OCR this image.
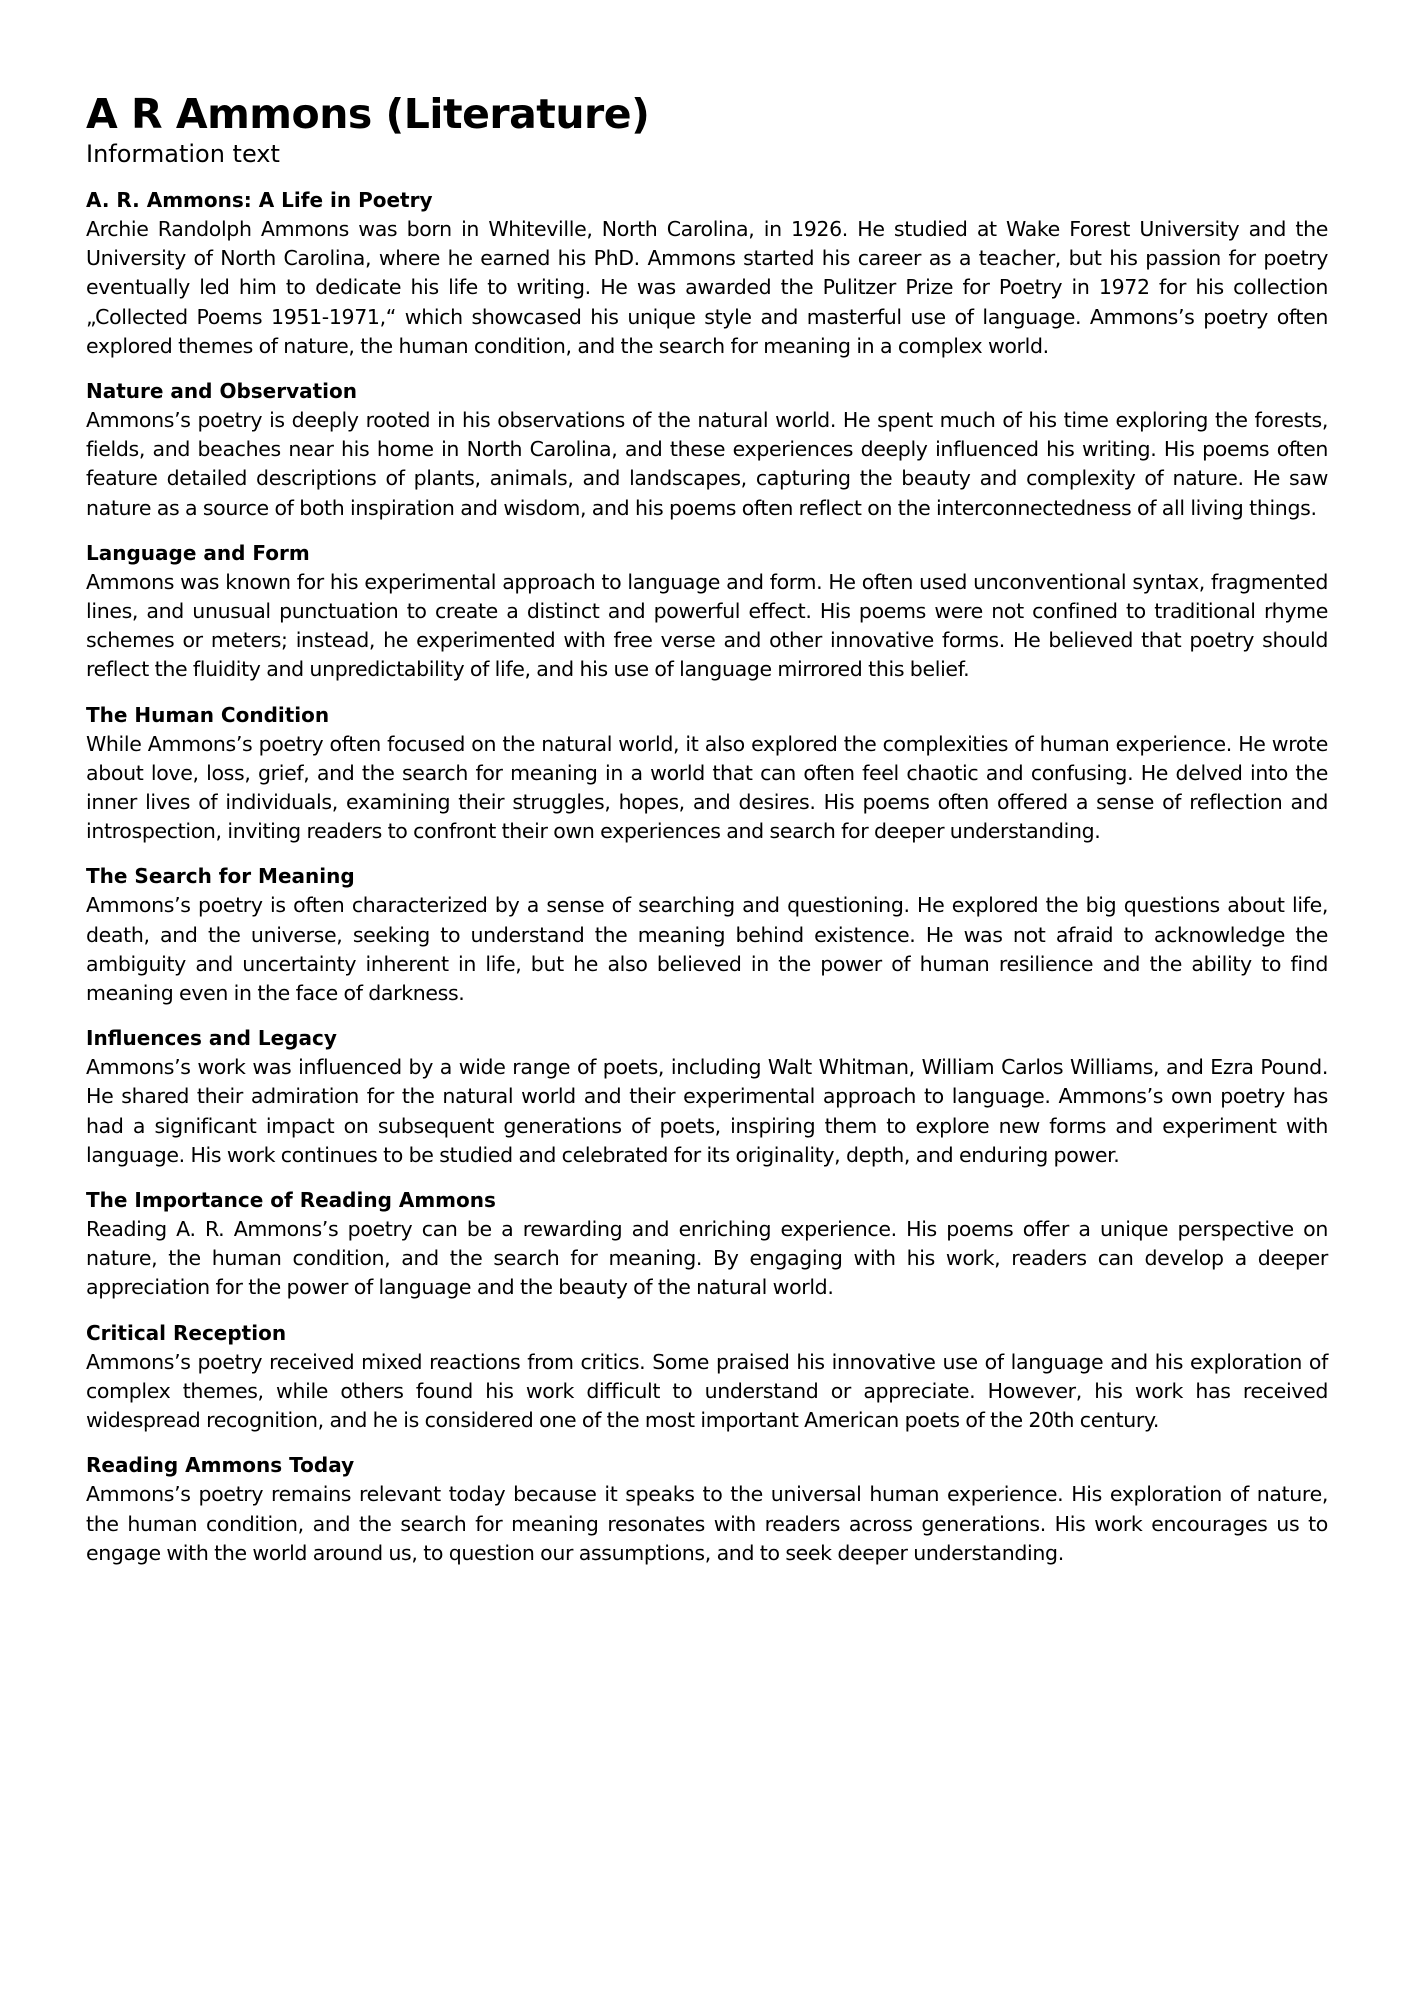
A R Ammons (Literature)
Information text
A. R. Ammons: A Life in Poetry

Archie Randolph Ammons was born in Whiteville, North Carolina, in 1926. He studied at Wake Forest University and the University of North Carolina, where he earned his PhD. Ammons started his career as a teacher, but his passion for poetry eventually led him to dedicate his life to writing. He was awarded the Pulitzer Prize for Poetry in 1972 for his collection „Collected Poems 1951-1971,“ which showcased his unique style and masterful use of language. Ammons’s poetry often explored themes of nature, the human condition, and the search for meaning in a complex world.

Nature and Observation

Ammons’s poetry is deeply rooted in his observations of the natural world. He spent much of his time exploring the forests, fields, and beaches near his home in North Carolina, and these experiences deeply influenced his writing. His poems often feature detailed descriptions of plants, animals, and landscapes, capturing the beauty and complexity of nature. He saw nature as a source of both inspiration and wisdom, and his poems often reflect on the interconnectedness of all living things.

Language and Form

Ammons was known for his experimental approach to language and form. He often used unconventional syntax, fragmented lines, and unusual punctuation to create a distinct and powerful effect. His poems were not confined to traditional rhyme schemes or meters; instead, he experimented with free verse and other innovative forms. He believed that poetry should reflect the fluidity and unpredictability of life, and his use of language mirrored this belief.

The Human Condition

While Ammons’s poetry often focused on the natural world, it also explored the complexities of human experience. He wrote about love, loss, grief, and the search for meaning in a world that can often feel chaotic and confusing. He delved into the inner lives of individuals, examining their struggles, hopes, and desires. His poems often offered a sense of reflection and introspection, inviting readers to confront their own experiences and search for deeper understanding.

The Search for Meaning

Ammons’s poetry is often characterized by a sense of searching and questioning. He explored the big questions about life, death, and the universe, seeking to understand the meaning behind existence. He was not afraid to acknowledge the ambiguity and uncertainty inherent in life, but he also believed in the power of human resilience and the ability to find meaning even in the face of darkness.

Influences and Legacy

Ammons’s work was influenced by a wide range of poets, including Walt Whitman, William Carlos Williams, and Ezra Pound. He shared their admiration for the natural world and their experimental approach to language. Ammons’s own poetry has had a significant impact on subsequent generations of poets, inspiring them to explore new forms and experiment with language. His work continues to be studied and celebrated for its originality, depth, and enduring power.

The Importance of Reading Ammons

Reading A. R. Ammons’s poetry can be a rewarding and enriching experience. His poems offer a unique perspective on nature, the human condition, and the search for meaning. By engaging with his work, readers can develop a deeper appreciation for the power of language and the beauty of the natural world.

Critical Reception

Ammons’s poetry received mixed reactions from critics. Some praised his innovative use of language and his exploration of complex themes, while others found his work difficult to understand or appreciate. However, his work has received widespread recognition, and he is considered one of the most important American poets of the 20th century.

Reading Ammons Today

Ammons’s poetry remains relevant today because it speaks to the universal human experience. His exploration of nature, the human condition, and the search for meaning resonates with readers across generations. His work encourages us to engage with the world around us, to question our assumptions, and to seek deeper understanding.
